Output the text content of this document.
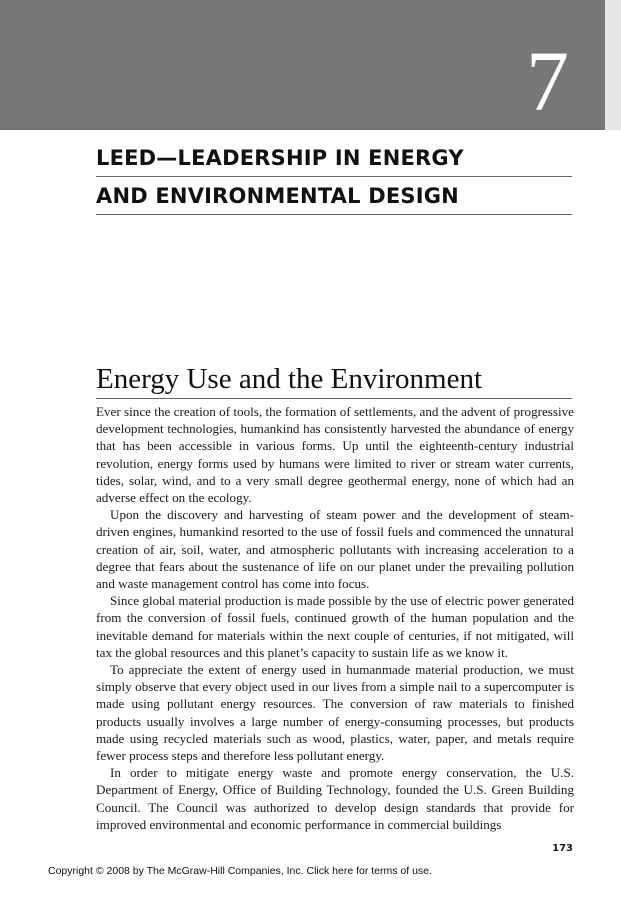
7
LEED—LEADERSHIP IN ENERGY
AND ENVIRONMENTAL DESIGN
Energy Use and the Environment

Ever since the creation of tools, the formation of settlements, and the advent of progressive development technologies, humankind has consistently harvested the abundance of energy that has been accessible in various forms. Up until the eighteenth-century industrial revolution, energy forms used by humans were limited to river or stream water currents, tides, solar, wind, and to a very small degree geothermal energy, none of which had an adverse effect on the ecology.

Upon the discovery and harvesting of steam power and the development of steam-driven engines, humankind resorted to the use of fossil fuels and commenced the unnatural creation of air, soil, water, and atmospheric pollutants with increasing acceleration to a degree that fears about the sustenance of life on our planet under the prevailing pollution and waste management control has come into focus.

Since global material production is made possible by the use of electric power generated from the conversion of fossil fuels, continued growth of the human population and the inevitable demand for materials within the next couple of centuries, if not mitigated, will tax the global resources and this planet’s capacity to sustain life as we know it.

To appreciate the extent of energy used in humanmade material production, we must simply observe that every object used in our lives from a simple nail to a supercomputer is made using pollutant energy resources. The conversion of raw materials to finished products usually involves a large number of energy-consuming processes, but products made using recycled materials such as wood, plastics, water, paper, and metals require fewer process steps and therefore less pollutant energy.

In order to mitigate energy waste and promote energy conservation, the U.S. Department of Energy, Office of Building Technology, founded the U.S. Green Building Council. The Council was authorized to develop design standards that provide for improved environmental and economic performance in commercial buildings

173
Copyright © 2008 by The McGraw-Hill Companies, Inc. Click here for terms of use.
